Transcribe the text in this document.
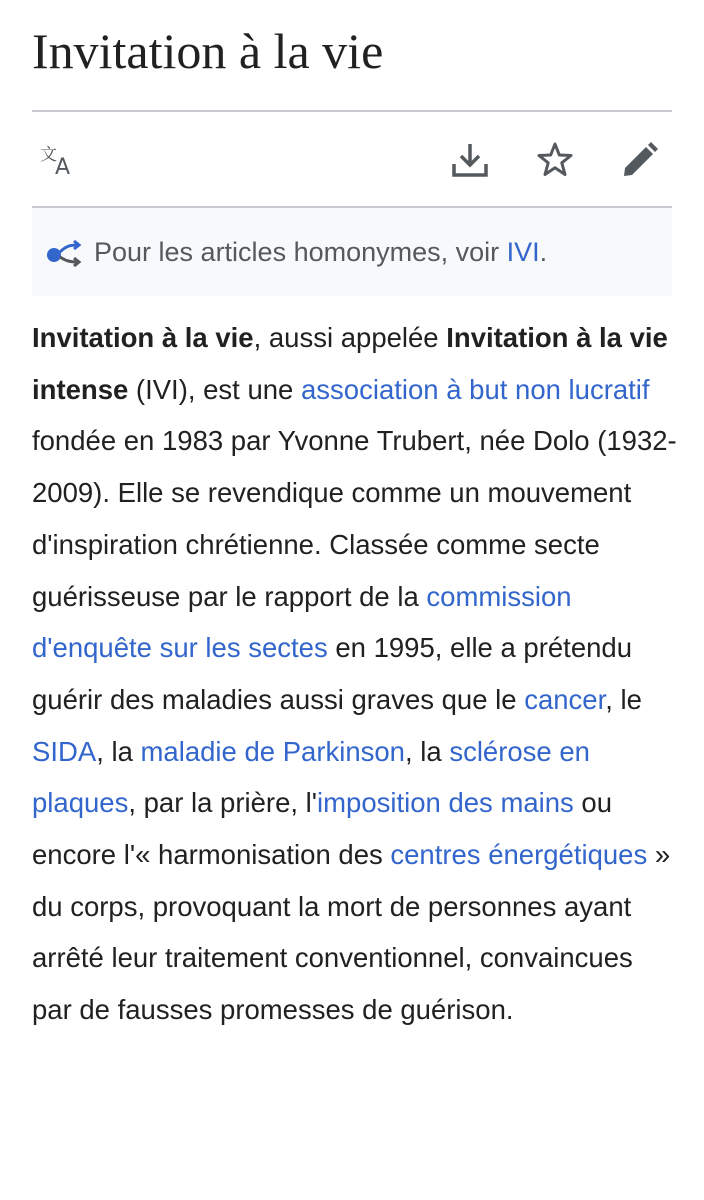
Invitation à la vie
文
A
Pour les articles homonymes, voir IVI.

Invitation à la vie, aussi appelée Invitation à la vie intense (IVI), est une association à but non lucratif fondée en 1983 par Yvonne Trubert, née Dolo (1932-2009). Elle se revendique comme un mouvement d'inspiration chrétienne. Classée comme secte guérisseuse par le rapport de la commission d'enquête sur les sectes en 1995, elle a prétendu guérir des maladies aussi graves que le cancer, le SIDA, la maladie de Parkinson, la sclérose en plaques, par la prière, l'imposition des mains ou encore l'« harmonisation des centres énergétiques » du corps, provoquant la mort de personnes ayant arrêté leur traitement conventionnel, convaincues par de fausses promesses de guérison.
